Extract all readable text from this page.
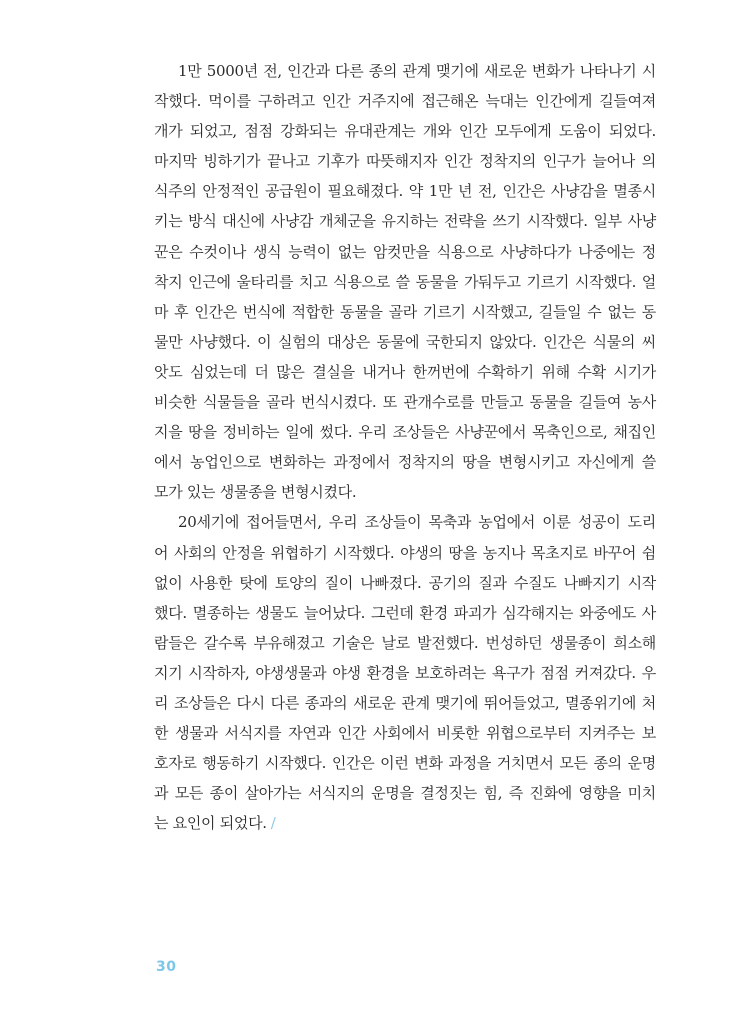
1만 5000년 전, 인간과 다른 종의 관계 맺기에 새로운 변화가 나타나기 시
작했다. 먹이를 구하려고 인간 거주지에 접근해온 늑대는 인간에게 길들여져
개가 되었고, 점점 강화되는 유대관계는 개와 인간 모두에게 도움이 되었다.
마지막 빙하기가 끝나고 기후가 따뜻해지자 인간 정착지의 인구가 늘어나 의
식주의 안정적인 공급원이 필요해졌다. 약 1만 년 전, 인간은 사냥감을 멸종시
키는 방식 대신에 사냥감 개체군을 유지하는 전략을 쓰기 시작했다. 일부 사냥
꾼은 수컷이나 생식 능력이 없는 암컷만을 식용으로 사냥하다가 나중에는 정
착지 인근에 울타리를 치고 식용으로 쓸 동물을 가둬두고 기르기 시작했다. 얼
마 후 인간은 번식에 적합한 동물을 골라 기르기 시작했고, 길들일 수 없는 동
물만 사냥했다. 이 실험의 대상은 동물에 국한되지 않았다. 인간은 식물의 씨
앗도 심었는데 더 많은 결실을 내거나 한꺼번에 수확하기 위해 수확 시기가
비슷한 식물들을 골라 번식시켰다. 또 관개수로를 만들고 동물을 길들여 농사
지을 땅을 정비하는 일에 썼다. 우리 조상들은 사냥꾼에서 목축인으로, 채집인
에서 농업인으로 변화하는 과정에서 정착지의 땅을 변형시키고 자신에게 쓸
모가 있는 생물종을 변형시켰다.
20세기에 접어들면서, 우리 조상들이 목축과 농업에서 이룬 성공이 도리
어 사회의 안정을 위협하기 시작했다. 야생의 땅을 농지나 목초지로 바꾸어 쉼
없이 사용한 탓에 토양의 질이 나빠졌다. 공기의 질과 수질도 나빠지기 시작
했다. 멸종하는 생물도 늘어났다. 그런데 환경 파괴가 심각해지는 와중에도 사
람들은 갈수록 부유해졌고 기술은 날로 발전했다. 번성하던 생물종이 희소해
지기 시작하자, 야생생물과 야생 환경을 보호하려는 욕구가 점점 커져갔다. 우
리 조상들은 다시 다른 종과의 새로운 관계 맺기에 뛰어들었고, 멸종위기에 처
한 생물과 서식지를 자연과 인간 사회에서 비롯한 위협으로부터 지켜주는 보
호자로 행동하기 시작했다. 인간은 이런 변화 과정을 거치면서 모든 종의 운명
과 모든 종이 살아가는 서식지의 운명을 결정짓는 힘, 즉 진화에 영향을 미치
는 요인이 되었다. /
30
